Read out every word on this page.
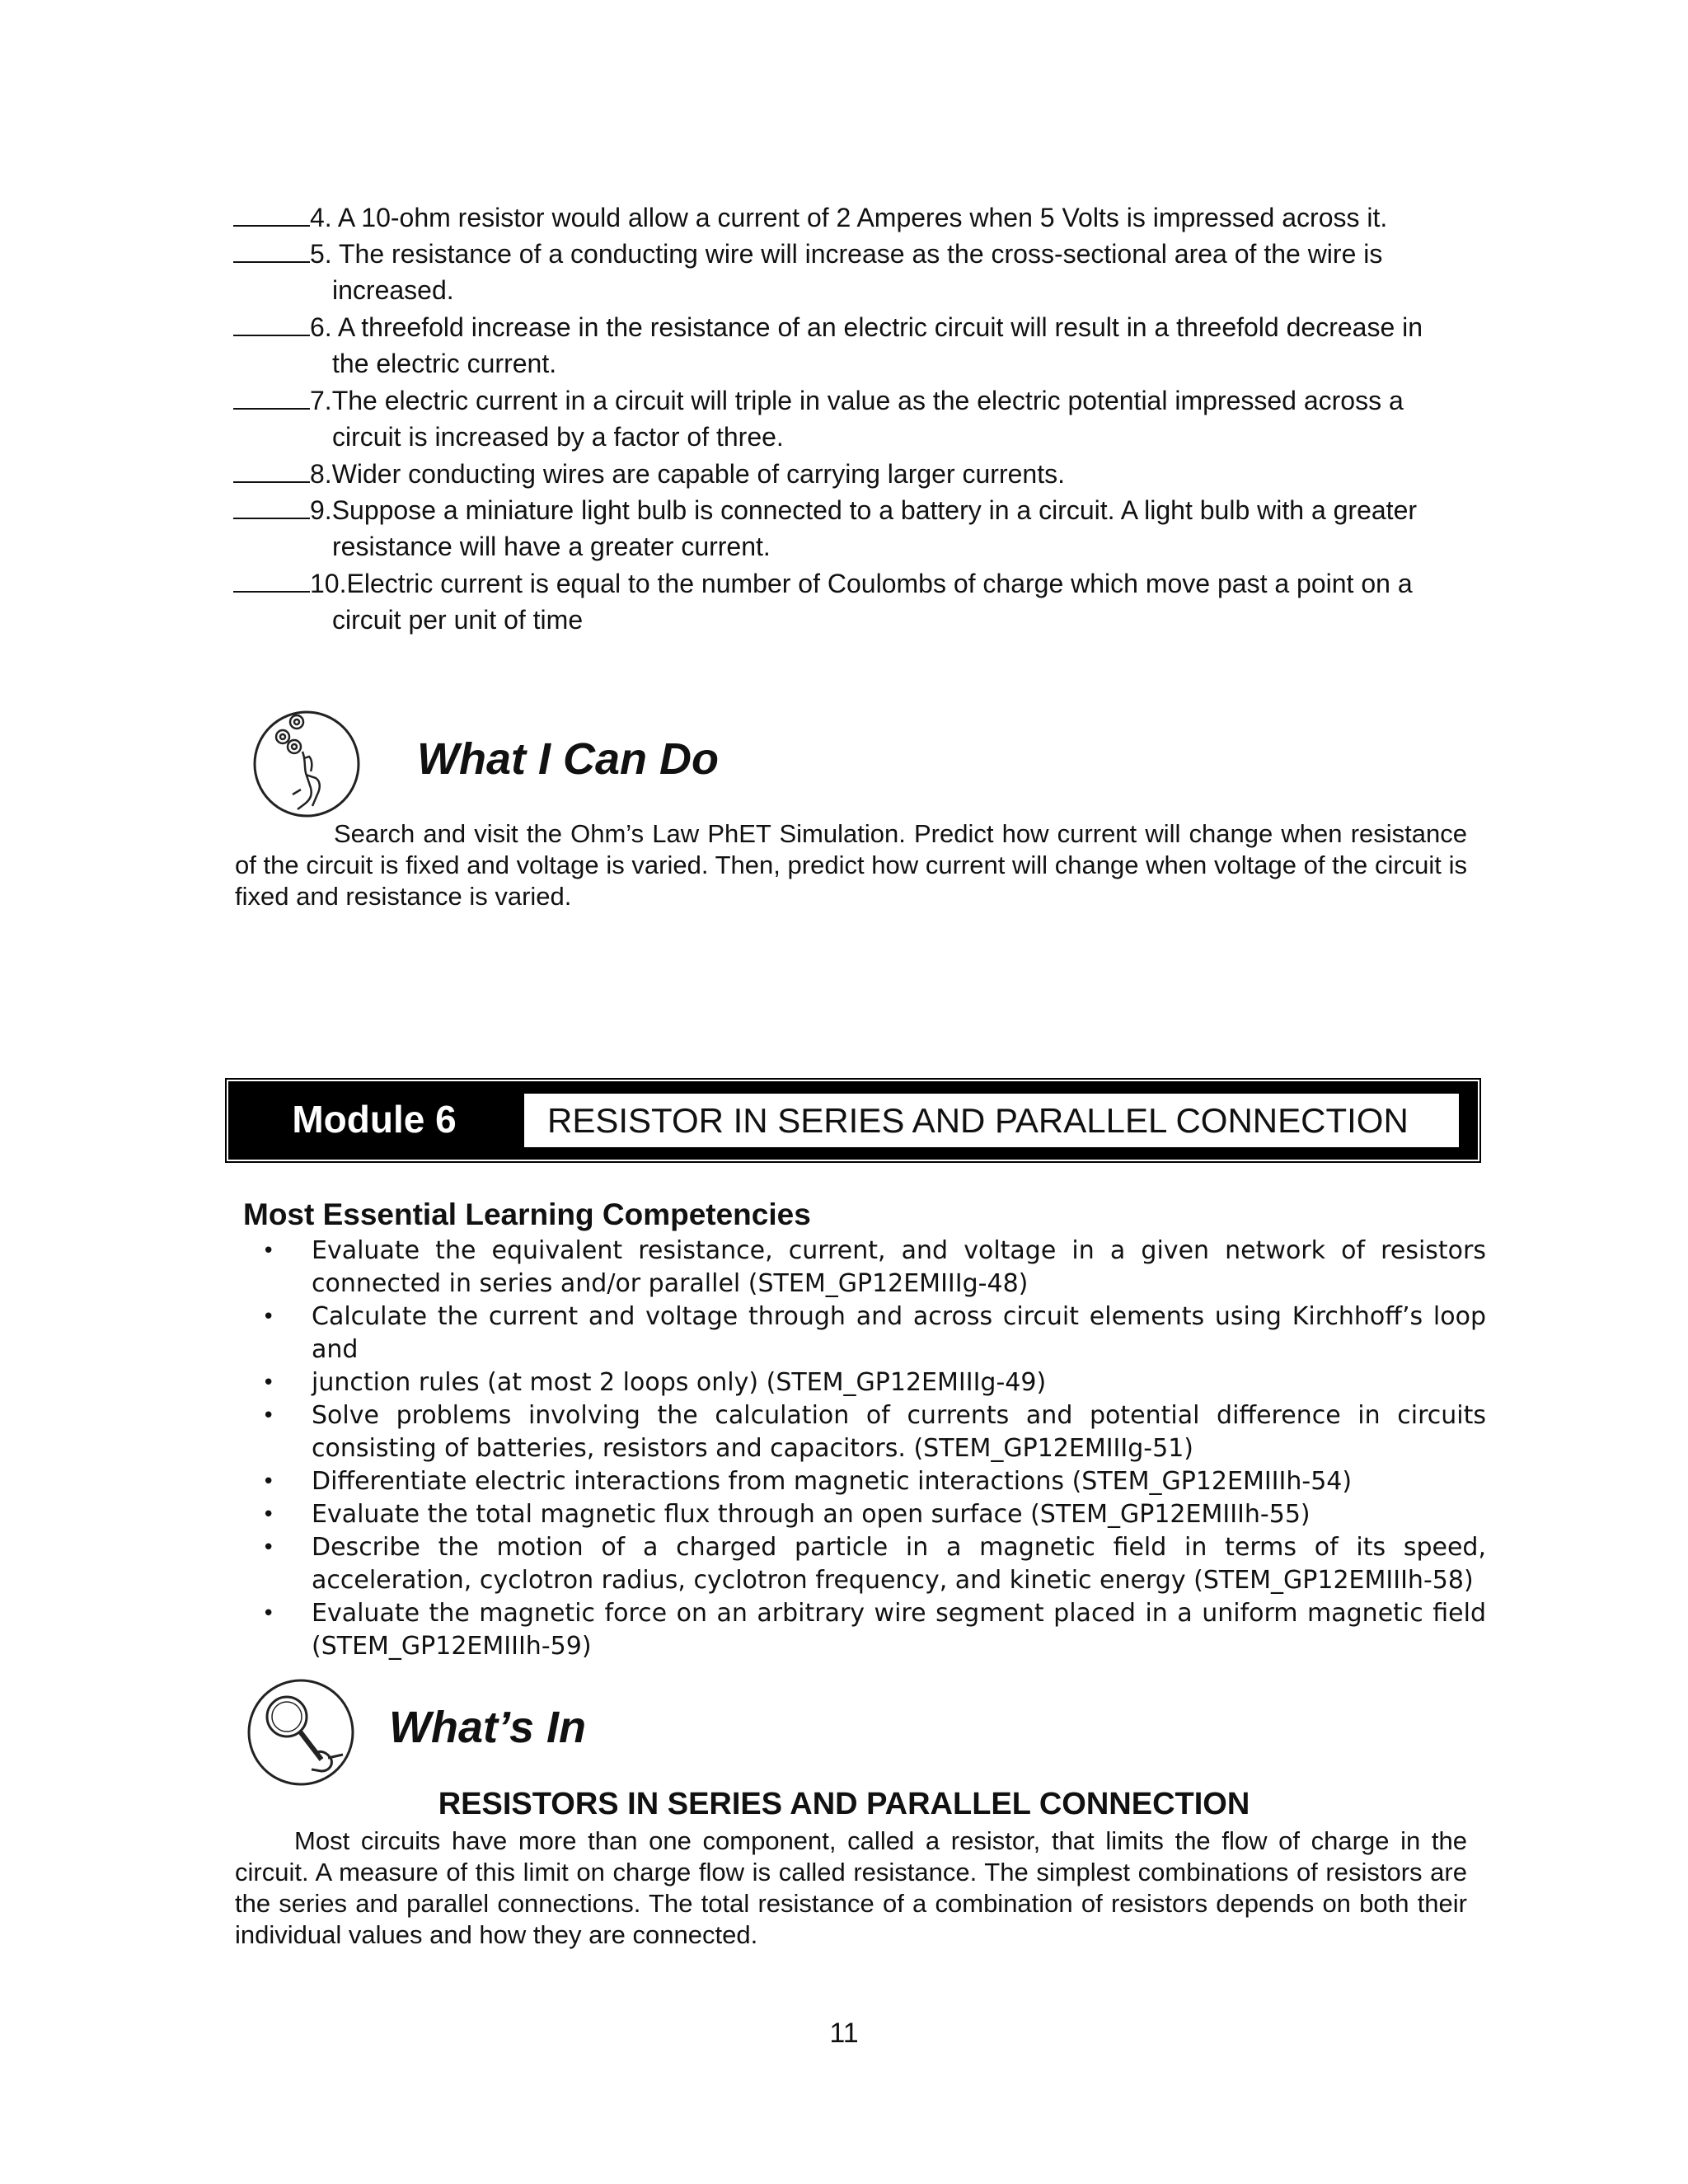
4. A 10-ohm resistor would allow a current of 2 Amperes when 5 Volts is impressed across it.
5. The resistance of a conducting wire will increase as the cross-sectional area of the wire is
increased.
6. A threefold increase in the resistance of an electric circuit will result in a threefold decrease in
the electric current.
7.The electric current in a circuit will triple in value as the electric potential impressed across a
circuit is increased by a factor of three.
8.Wider conducting wires are capable of carrying larger currents.
9.Suppose a miniature light bulb is connected to a battery in a circuit. A light bulb with a greater
resistance will have a greater current.
10.Electric current is equal to the number of Coulombs of charge which move past a point on a
circuit per unit of time
What I Can Do
Search and visit the Ohm’s Law PhET Simulation. Predict how current will change when resistance of the circuit is fixed and voltage is varied. Then, predict how current will change when voltage of the circuit is fixed and resistance is varied.
Module 6	RESISTOR IN SERIES AND PARALLEL CONNECTION
Most Essential Learning Competencies
• Evaluate the equivalent resistance, current, and voltage in a given network of resistors connected in series and/or parallel (STEM_GP12EMIIIg-48)
• Calculate the current and voltage through and across circuit elements using Kirchhoff’s loop and
• junction rules (at most 2 loops only) (STEM_GP12EMIIIg-49)
• Solve problems involving the calculation of currents and potential difference in circuits consisting of batteries, resistors and capacitors. (STEM_GP12EMIIIg-51)
• Differentiate electric interactions from magnetic interactions (STEM_GP12EMIIIh-54)
• Evaluate the total magnetic flux through an open surface (STEM_GP12EMIIIh-55)
• Describe the motion of a charged particle in a magnetic field in terms of its speed, acceleration, cyclotron radius, cyclotron frequency, and kinetic energy (STEM_GP12EMIIIh-58)
• Evaluate the magnetic force on an arbitrary wire segment placed in a uniform magnetic field (STEM_GP12EMIIIh-59)
What’s In
RESISTORS IN SERIES AND PARALLEL CONNECTION
Most circuits have more than one component, called a resistor, that limits the flow of charge in the circuit. A measure of this limit on charge flow is called resistance. The simplest combinations of resistors are the series and parallel connections. The total resistance of a combination of resistors depends on both their individual values and how they are connected.
11
